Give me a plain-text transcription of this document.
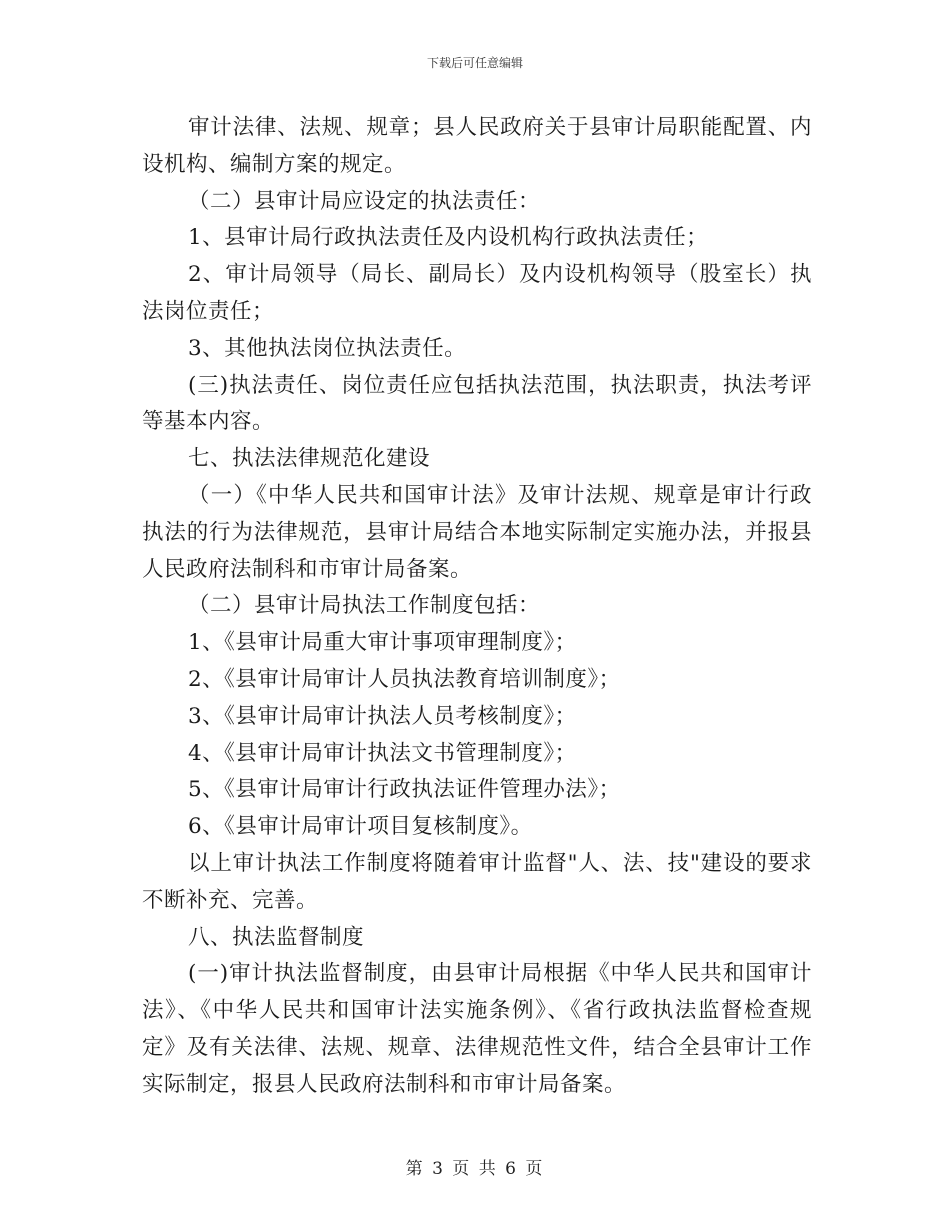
下载后可任意编辑

审计法律、法规、规章；县人民政府关于县审计局职能配置、内设机构、编制方案的规定。

（二）县审计局应设定的执法责任：

1、县审计局行政执法责任及内设机构行政执法责任；

2、审计局领导（局长、副局长）及内设机构领导（股室长）执法岗位责任；

3、其他执法岗位执法责任。

(三)执法责任、岗位责任应包括执法范围，执法职责，执法考评等基本内容。

七、执法法律规范化建设

（一）《中华人民共和国审计法》及审计法规、规章是审计行政执法的行为法律规范，县审计局结合本地实际制定实施办法，并报县人民政府法制科和市审计局备案。

（二）县审计局执法工作制度包括：

1、《县审计局重大审计事项审理制度》；

2、《县审计局审计人员执法教育培训制度》；

3、《县审计局审计执法人员考核制度》；

4、《县审计局审计执法文书管理制度》；

5、《县审计局审计行政执法证件管理办法》；

6、《县审计局审计项目复核制度》。

以上审计执法工作制度将随着审计监督"人、法、技"建设的要求不断补充、完善。

八、执法监督制度

(一)审计执法监督制度，由县审计局根据《中华人民共和国审计法》、《中华人民共和国审计法实施条例》、《省行政执法监督检查规定》及有关法律、法规、规章、法律规范性文件，结合全县审计工作实际制定，报县人民政府法制科和市审计局备案。

第 3 页 共 6 页
